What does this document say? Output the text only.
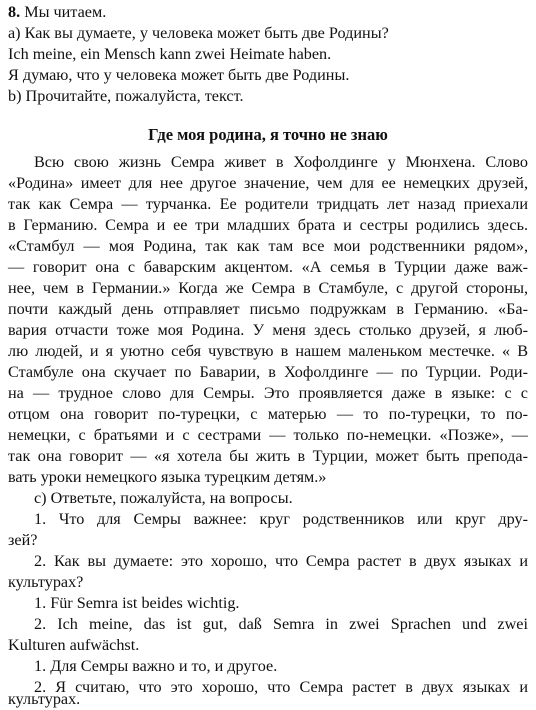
8. Мы читаем.
а) Как вы думаете, у человека может быть две Родины?
Ich meine, ein Mensch kann zwei Heimate haben.
Я думаю, что у человека может быть две Родины.
b) Прочитайте, пожалуйста, текст.
Где моя родина, я точно не знаю
Всю свою жизнь Семра живет в Хофолдинге у Мюнхена. Слово
«Родина» имеет для нее другое значение, чем для ее немецких друзей,
так как Семра — турчанка. Ее родители тридцать лет назад приехали
в Германию. Семра и ее три младших брата и сестры родились здесь.
«Стамбул — моя Родина, так как там все мои родственники рядом»,
— говорит она с баварским акцентом. «А семья в Турции даже важ-
нее, чем в Германии.» Когда же Семра в Стамбуле, с другой стороны,
почти каждый день отправляет письмо подружкам в Германию. «Ба-
вария отчасти тоже моя Родина. У меня здесь столько друзей, я люб-
лю людей, и я уютно себя чувствую в нашем маленьком местечке. « В
Стамбуле она скучает по Баварии, в Хофолдинге — по Турции. Роди-
на — трудное слово для Семры. Это проявляется даже в языке: с с
отцом она говорит по-турецки, с матерью — то по-турецки, то по-
немецки, с братьями и с сестрами — только по-немецки. «Позже», —
так она говорит — «я хотела бы жить в Турции, может быть препода-
вать уроки немецкого языка турецким детям.»
с) Ответьте, пожалуйста, на вопросы.
1. Что для Семры важнее: круг родственников или круг дру-
зей?
2. Как вы думаете: это хорошо, что Семра растет в двух языках и
культурах?
1. Für Semra ist beides wichtig.
2. Ich meine, das ist gut, daß Semra in zwei Sprachen und zwei
Kulturen aufwächst.
1. Для Семры важно и то, и другое.
2. Я считаю, что это хорошо, что Семра растет в двух языках и
культурах.
